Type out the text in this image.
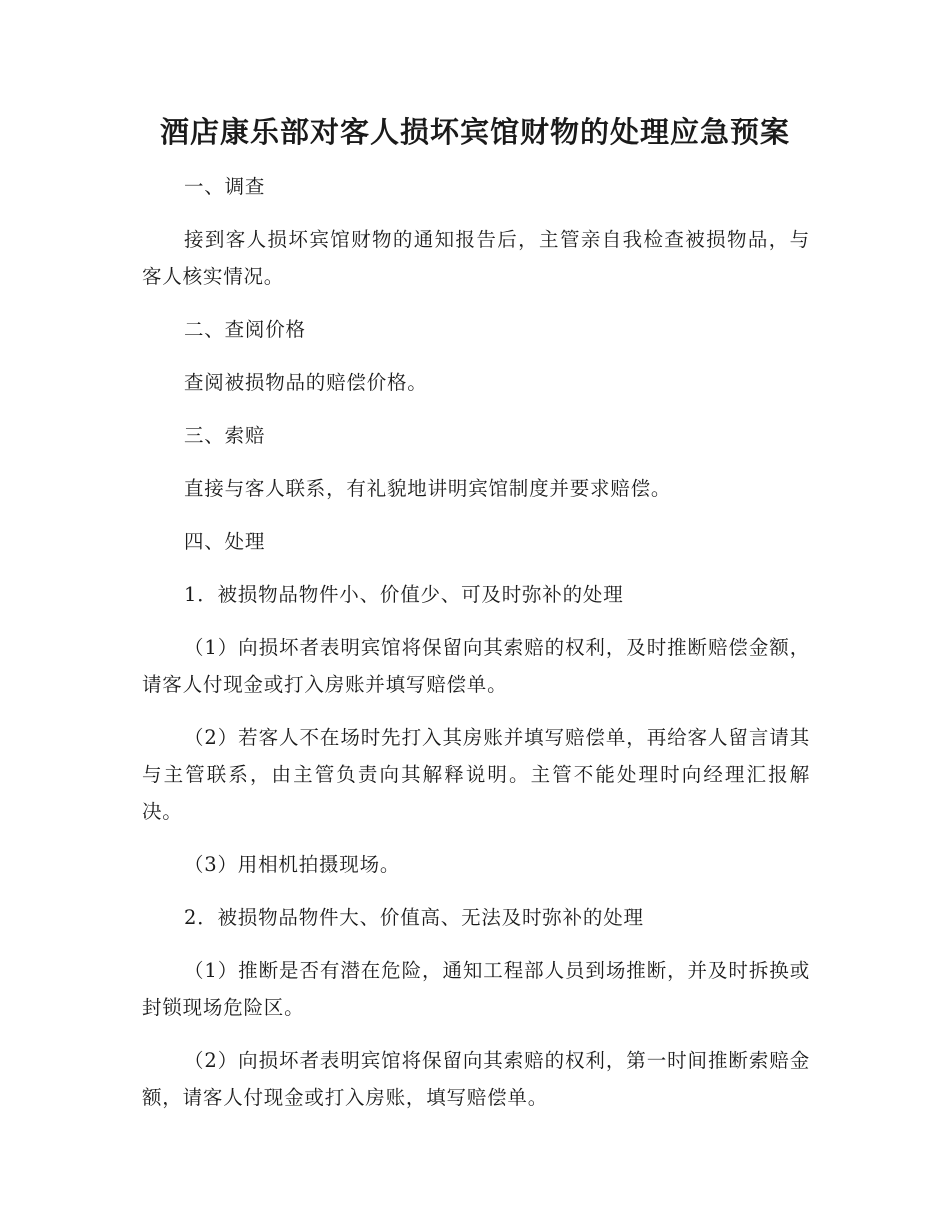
酒店康乐部对客人损坏宾馆财物的处理应急预案

一、调查

接到客人损坏宾馆财物的通知报告后，主管亲自我检查被损物品，与客人核实情况。

二、查阅价格

查阅被损物品的赔偿价格。

三、索赔

直接与客人联系，有礼貌地讲明宾馆制度并要求赔偿。

四、处理

1．被损物品物件小、价值少、可及时弥补的处理

（1）向损坏者表明宾馆将保留向其索赔的权利，及时推断赔偿金额，请客人付现金或打入房账并填写赔偿单。

（2）若客人不在场时先打入其房账并填写赔偿单，再给客人留言请其与主管联系，由主管负责向其解释说明。主管不能处理时向经理汇报解决。

（3）用相机拍摄现场。

2．被损物品物件大、价值高、无法及时弥补的处理

（1）推断是否有潜在危险，通知工程部人员到场推断，并及时拆换或封锁现场危险区。

（2）向损坏者表明宾馆将保留向其索赔的权利，第一时间推断索赔金额，请客人付现金或打入房账，填写赔偿单。
